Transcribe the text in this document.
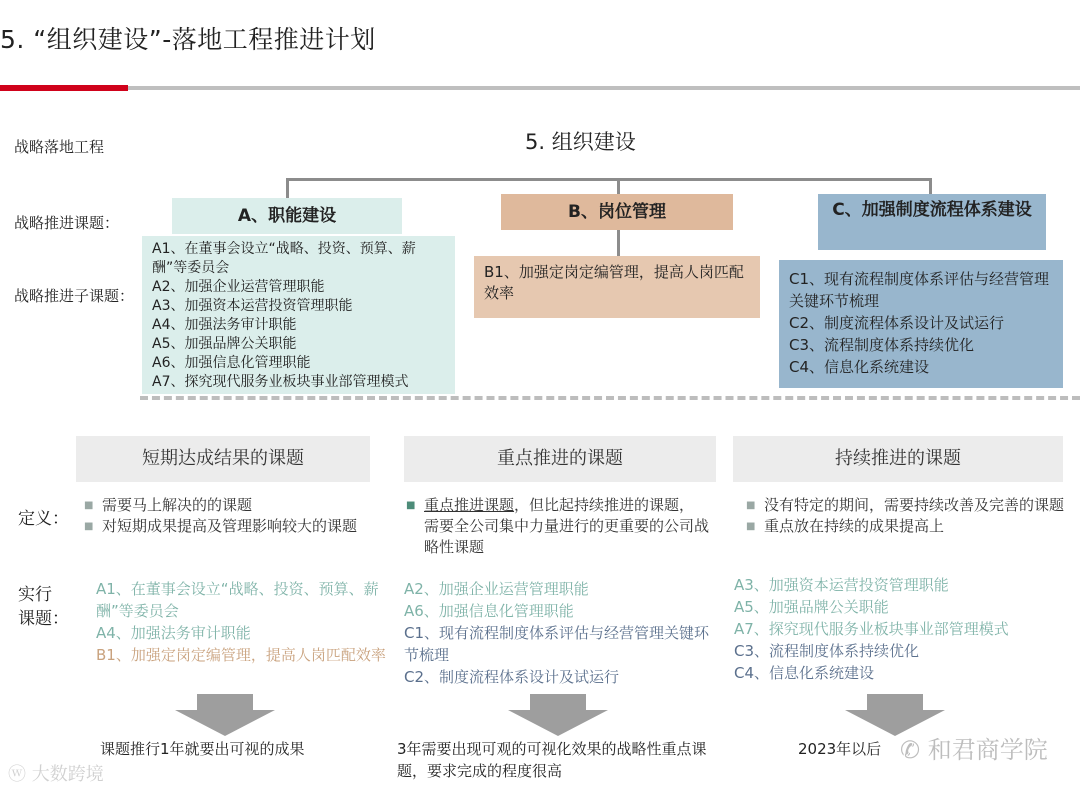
5. “组织建设”-落地工程推进计划
战略落地工程
战略推进课题：
战略推进子课题：
5. 组织建设
A、职能建设
A1、在董事会设立“战略、投资、预算、薪酬”等委员会
A2、加强企业运营管理职能
A3、加强资本运营投资管理职能
A4、加强法务审计职能
A5、加强品牌公关职能
A6、加强信息化管理职能
A7、探究现代服务业板块事业部管理模式
B、岗位管理
B1、加强定岗定编管理，提高人岗匹配效率
C、加强制度流程体系建设
C1、现有流程制度体系评估与经营管理关键环节梳理
C2、制度流程体系设计及试运行
C3、流程制度体系持续优化
C4、信息化系统建设
定义：
实行
课题：
短期达成结果的课题
■ 需要马上解决的的课题
■ 对短期成果提高及管理影响较大的课题
A1、在董事会设立“战略、投资、预算、薪酬”等委员会
A4、加强法务审计职能
B1、加强定岗定编管理，提高人岗匹配效率
重点推进的课题
■ 重点推进课题，但比起持续推进的课题，需要全公司集中力量进行的更重要的公司战略性课题
A2、加强企业运营管理职能
A6、加强信息化管理职能
C1、现有流程制度体系评估与经营管理关键环节梳理
C2、制度流程体系设计及试运行
持续推进的课题
■ 没有特定的期间，需要持续改善及完善的课题
■ 重点放在持续的成果提高上
A3、加强资本运营投资管理职能
A5、加强品牌公关职能
A7、探究现代服务业板块事业部管理模式
C3、流程制度体系持续优化
C4、信息化系统建设
课题推行1年就要出可视的成果	3年需要出现可观的可视化效果的战略性重点课题，要求完成的程度很高
2023年以后
ⓦ 大数跨境
✆ 和君商学院
